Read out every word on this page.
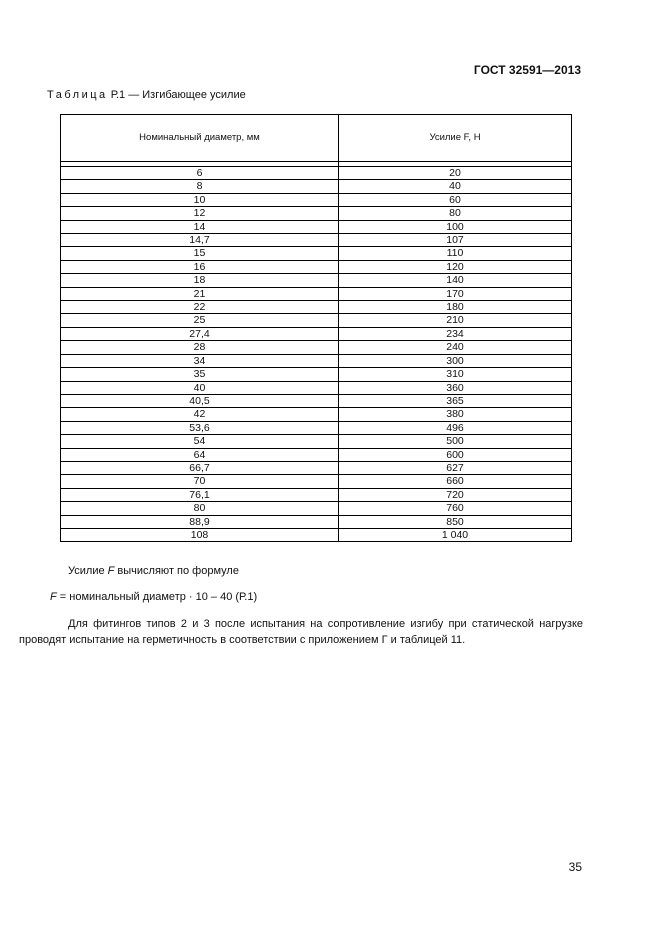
ГОСТ 32591—2013
Таблица Р.1 — Изгибающее усилие
Номинальный диаметр, мм	Усилие F, Н

6	20
8	40
10	60
12	80
14	100
14,7	107
15	110
16	120
18	140
21	170
22	180
25	210
27,4	234
28	240
34	300
35	310
40	360
40,5	365
42	380
53,6	496
54	500
64	600
66,7	627
70	660
76,1	720
80	760
88,9	850
108	1 040
Усилие F вычисляют по формуле
F = номинальный диаметр · 10 – 40 (Р.1)
Для фитингов типов 2 и 3 после испытания на сопротивление изгибу при статической нагрузке проводят испытание на герметичность в соответствии с приложением Г и таблицей 11.
35
